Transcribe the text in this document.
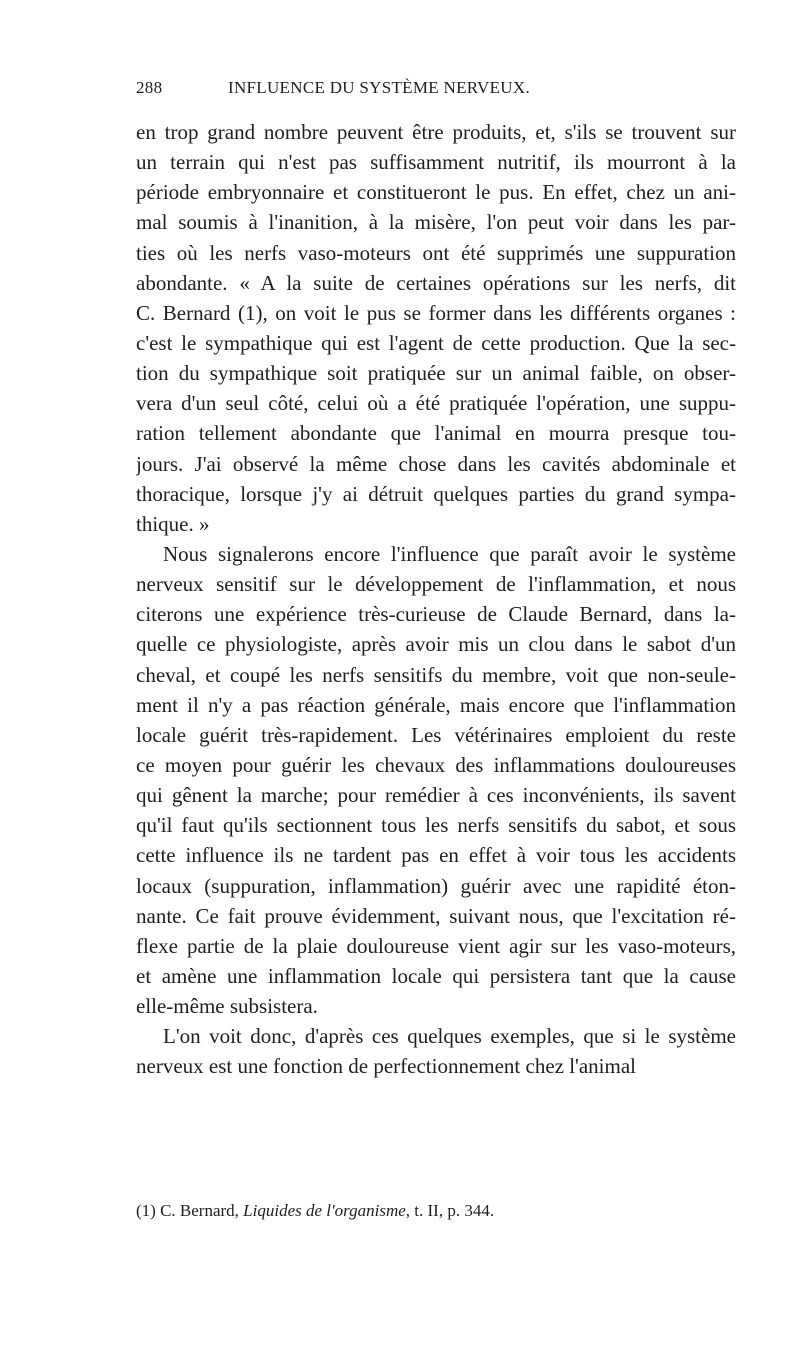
288	INFLUENCE DU SYSTÈME NERVEUX.
en trop grand nombre peuvent être produits, et, s'ils se trouvent sur
un terrain qui n'est pas suffisamment nutritif, ils mourront à la
période embryonnaire et constitueront le pus. En effet, chez un ani-
mal soumis à l'inanition, à la misère, l'on peut voir dans les par-
ties où les nerfs vaso-moteurs ont été supprimés une suppuration
abondante. « A la suite de certaines opérations sur les nerfs, dit
C. Bernard (1), on voit le pus se former dans les différents organes :
c'est le sympathique qui est l'agent de cette production. Que la sec-
tion du sympathique soit pratiquée sur un animal faible, on obser-
vera d'un seul côté, celui où a été pratiquée l'opération, une suppu-
ration tellement abondante que l'animal en mourra presque tou-
jours. J'ai observé la même chose dans les cavités abdominale et
thoracique, lorsque j'y ai détruit quelques parties du grand sympa-
thique. »
Nous signalerons encore l'influence que paraît avoir le système
nerveux sensitif sur le développement de l'inflammation, et nous
citerons une expérience très-curieuse de Claude Bernard, dans la-
quelle ce physiologiste, après avoir mis un clou dans le sabot d'un
cheval, et coupé les nerfs sensitifs du membre, voit que non-seule-
ment il n'y a pas réaction générale, mais encore que l'inflammation
locale guérit très-rapidement. Les vétérinaires emploient du reste
ce moyen pour guérir les chevaux des inflammations douloureuses
qui gênent la marche; pour remédier à ces inconvénients, ils savent
qu'il faut qu'ils sectionnent tous les nerfs sensitifs du sabot, et sous
cette influence ils ne tardent pas en effet à voir tous les accidents
locaux (suppuration, inflammation) guérir avec une rapidité éton-
nante. Ce fait prouve évidemment, suivant nous, que l'excitation ré-
flexe partie de la plaie douloureuse vient agir sur les vaso-moteurs,
et amène une inflammation locale qui persistera tant que la cause
elle-même subsistera.
L'on voit donc, d'après ces quelques exemples, que si le système
nerveux est une fonction de perfectionnement chez l'animal
(1) C. Bernard, Liquides de l'organisme, t. II, p. 344.
